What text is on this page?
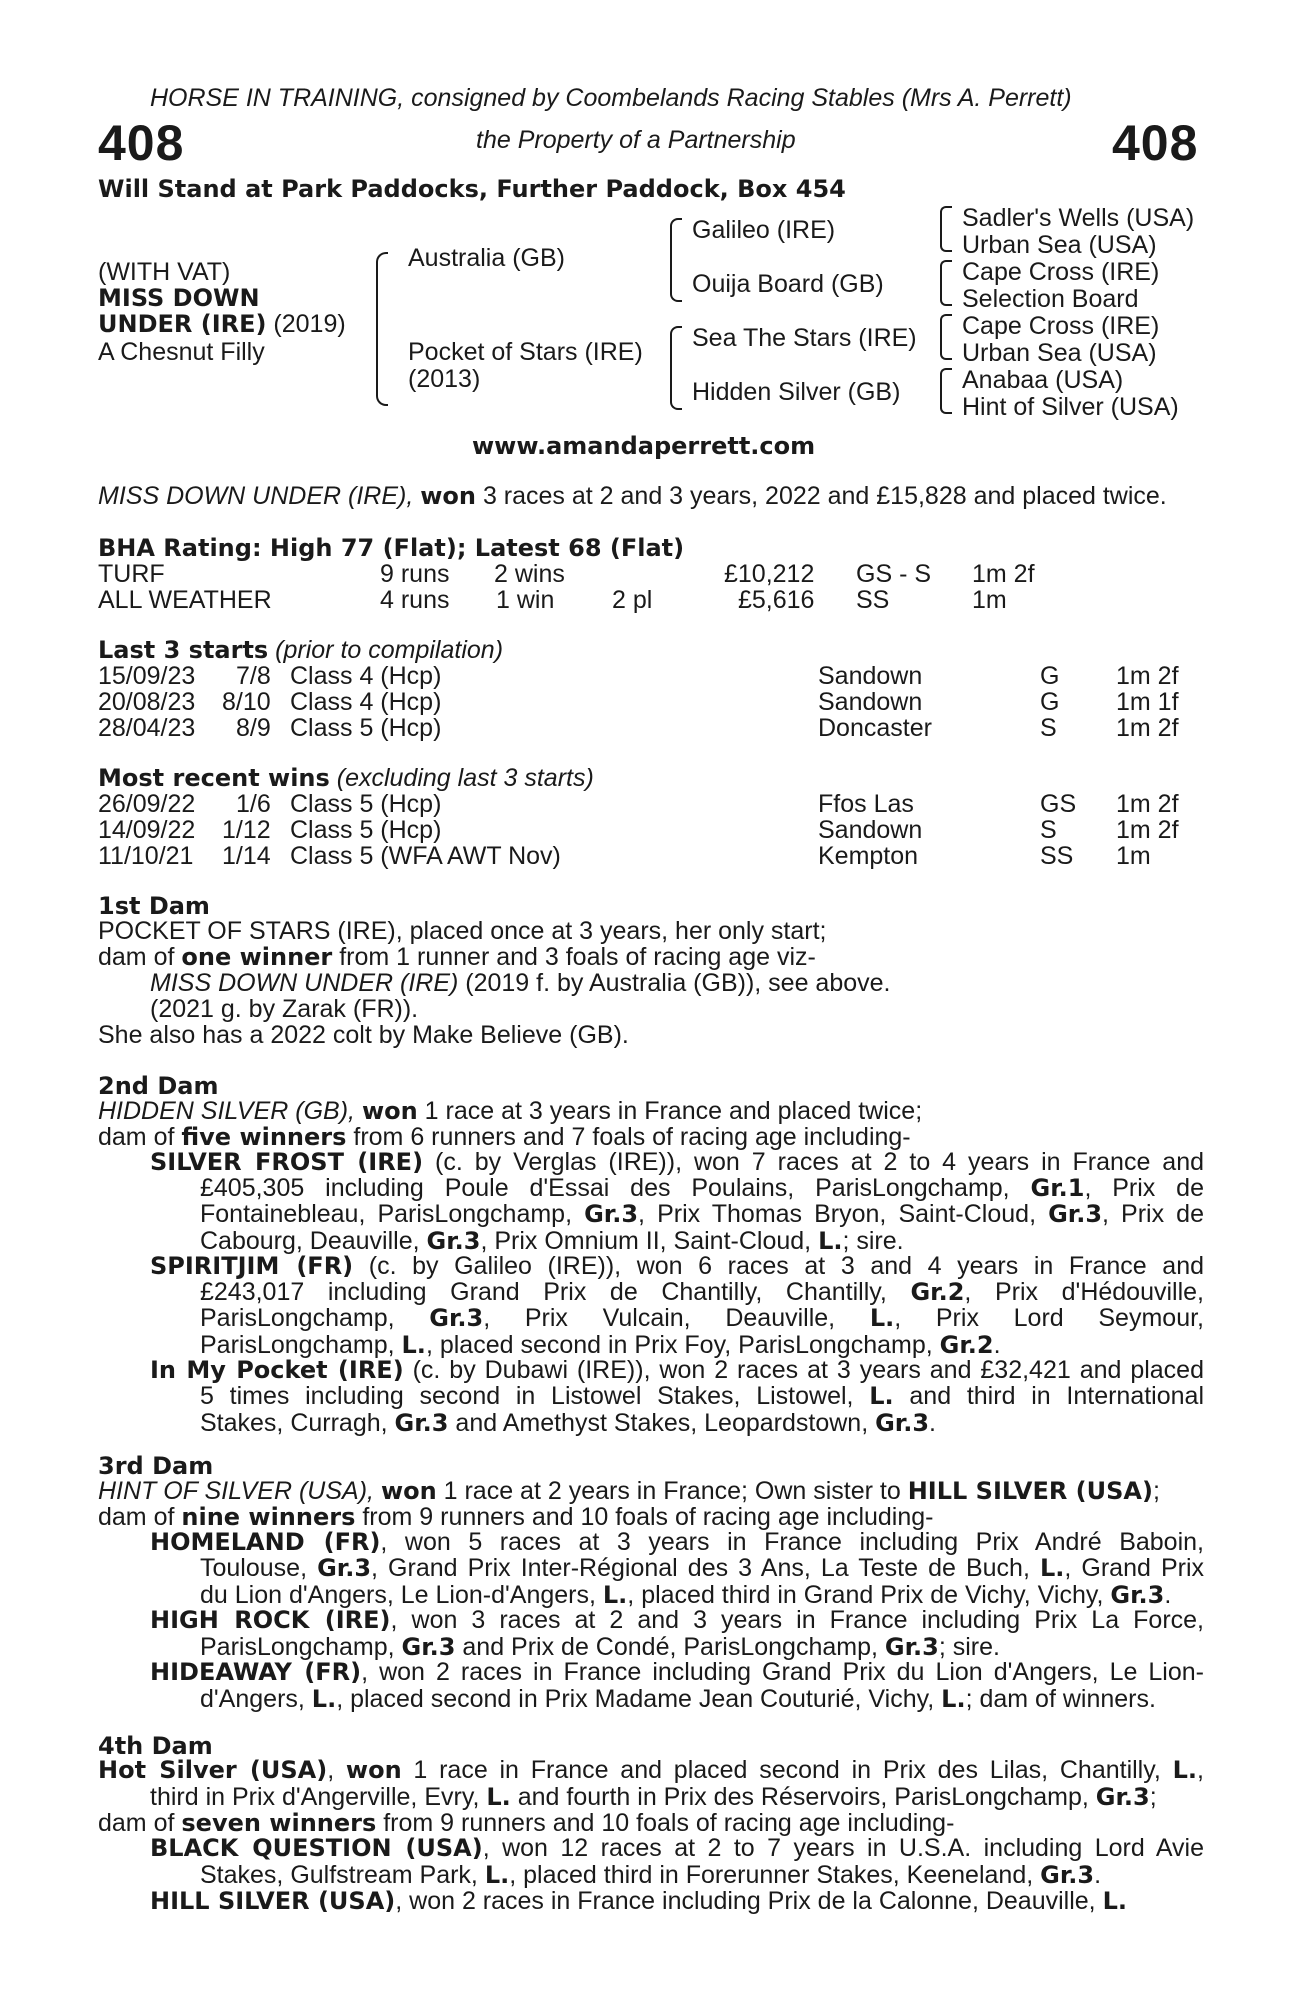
HORSE IN TRAINING, consigned by Coombelands Racing Stables (Mrs A. Perrett)
408	the Property of a Partnership	408
Will Stand at Park Paddocks, Further Paddock, Box 454
(WITH VAT)
MISS DOWN
UNDER (IRE) (2019)
A Chesnut Filly
Australia (GB)
Pocket of Stars (IRE)
(2013)
Galileo (IRE)
Ouija Board (GB)
Sea The Stars (IRE)
Hidden Silver (GB)
Sadler's Wells (USA)
Urban Sea (USA)
Cape Cross (IRE)
Selection Board
Cape Cross (IRE)
Urban Sea (USA)
Anabaa (USA)
Hint of Silver (USA)
www.amandaperrett.com
MISS DOWN UNDER (IRE), won 3 races at 2 and 3 years, 2022 and £15,828 and placed twice.
BHA Rating: High 77 (Flat); Latest 68 (Flat)
TURF	9 runs 2 wins	£10,212 GS - S 1m 2f
ALL WEATHER	4 runs 1 win 2 pl	£5,616 SS	1m
Last 3 starts (prior to compilation)
15/09/23 7/8 Class 4 (Hcp)	Sandown	G 1m 2f
20/08/23 8/10 Class 4 (Hcp)	Sandown	G 1m 1f
28/04/23 8/9 Class 5 (Hcp)	Doncaster	S 1m 2f
Most recent wins (excluding last 3 starts)
26/09/22 1/6 Class 5 (Hcp)	Ffos Las	GS 1m 2f
14/09/22 1/12 Class 5 (Hcp)	Sandown	S 1m 2f
11/10/21 1/14 Class 5 (WFA AWT Nov)	Kempton	SS 1m
1st Dam
POCKET OF STARS (IRE), placed once at 3 years, her only start;
dam of one winner from 1 runner and 3 foals of racing age viz-
MISS DOWN UNDER (IRE) (2019 f. by Australia (GB)), see above.
(2021 g. by Zarak (FR)).
She also has a 2022 colt by Make Believe (GB).
2nd Dam
HIDDEN SILVER (GB), won 1 race at 3 years in France and placed twice;
dam of five winners from 6 runners and 7 foals of racing age including-
SILVER FROST (IRE) (c. by Verglas (IRE)), won 7 races at 2 to 4 years in France and
£405,305 including Poule d'Essai des Poulains, ParisLongchamp, Gr.1, Prix de
Fontainebleau, ParisLongchamp, Gr.3, Prix Thomas Bryon, Saint-Cloud, Gr.3, Prix de
Cabourg, Deauville, Gr.3, Prix Omnium II, Saint-Cloud, L.; sire.
SPIRITJIM (FR) (c. by Galileo (IRE)), won 6 races at 3 and 4 years in France and
£243,017 including Grand Prix de Chantilly, Chantilly, Gr.2, Prix d'Hédouville,
ParisLongchamp, Gr.3, Prix Vulcain, Deauville, L., Prix Lord Seymour,
ParisLongchamp, L., placed second in Prix Foy, ParisLongchamp, Gr.2.
In My Pocket (IRE) (c. by Dubawi (IRE)), won 2 races at 3 years and £32,421 and placed
5 times including second in Listowel Stakes, Listowel, L. and third in International
Stakes, Curragh, Gr.3 and Amethyst Stakes, Leopardstown, Gr.3.
3rd Dam
HINT OF SILVER (USA), won 1 race at 2 years in France; Own sister to HILL SILVER (USA);
dam of nine winners from 9 runners and 10 foals of racing age including-
HOMELAND (FR), won 5 races at 3 years in France including Prix André Baboin,
Toulouse, Gr.3, Grand Prix Inter-Régional des 3 Ans, La Teste de Buch, L., Grand Prix
du Lion d'Angers, Le Lion-d'Angers, L., placed third in Grand Prix de Vichy, Vichy, Gr.3.
HIGH ROCK (IRE), won 3 races at 2 and 3 years in France including Prix La Force,
ParisLongchamp, Gr.3 and Prix de Condé, ParisLongchamp, Gr.3; sire.
HIDEAWAY (FR), won 2 races in France including Grand Prix du Lion d'Angers, Le Lion-
d'Angers, L., placed second in Prix Madame Jean Couturié, Vichy, L.; dam of winners.
4th Dam
Hot Silver (USA), won 1 race in France and placed second in Prix des Lilas, Chantilly, L.,
third in Prix d'Angerville, Evry, L. and fourth in Prix des Réservoirs, ParisLongchamp, Gr.3;
dam of seven winners from 9 runners and 10 foals of racing age including-
BLACK QUESTION (USA), won 12 races at 2 to 7 years in U.S.A. including Lord Avie
Stakes, Gulfstream Park, L., placed third in Forerunner Stakes, Keeneland, Gr.3.
HILL SILVER (USA), won 2 races in France including Prix de la Calonne, Deauville, L.
